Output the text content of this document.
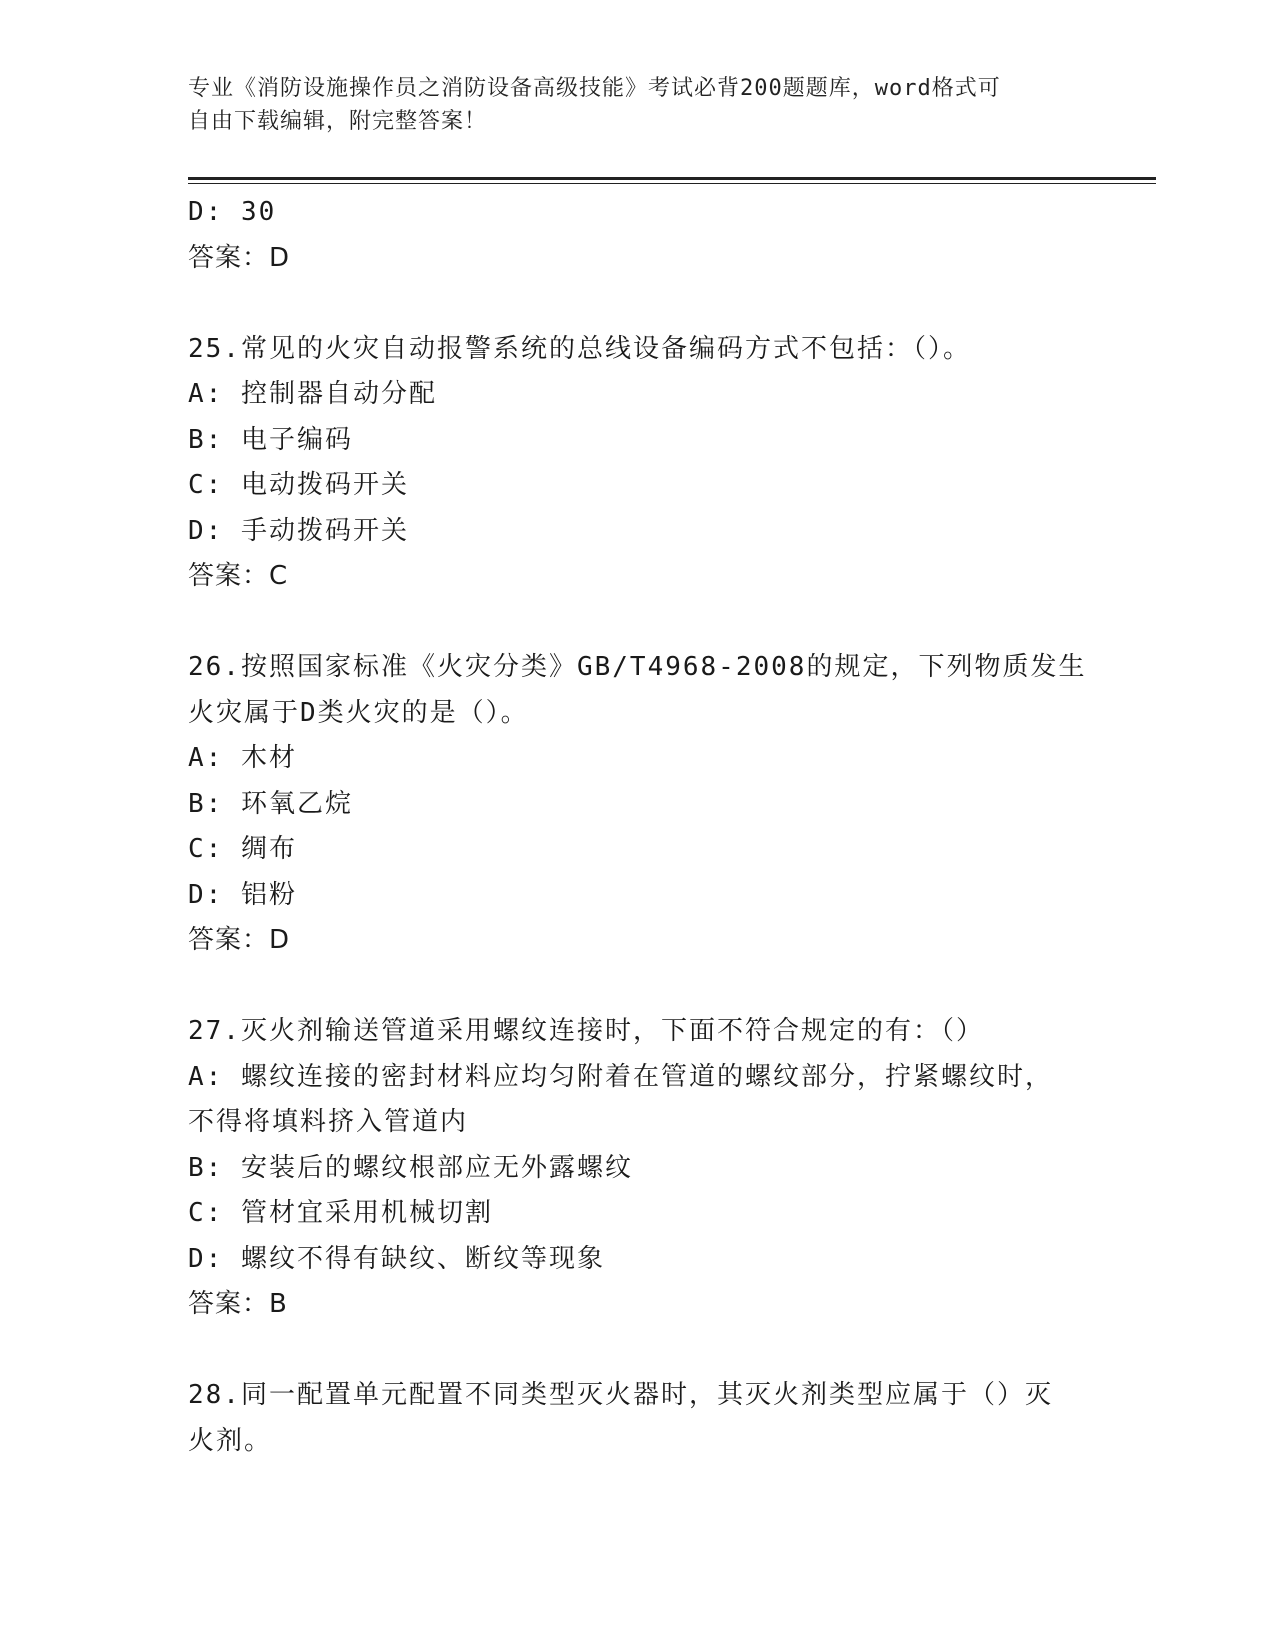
专业《消防设施操作员之消防设备高级技能》考试必背200题题库，word格式可
自由下载编辑，附完整答案！
D: 30
答案：D
25.常见的火灾自动报警系统的总线设备编码方式不包括：（）。
A: 控制器自动分配
B: 电子编码
C: 电动拨码开关
D: 手动拨码开关
答案：C
26.按照国家标准《火灾分类》GB/T4968-2008的规定，下列物质发生
火灾属于D类火灾的是（）。
A: 木材
B: 环氧乙烷
C: 绸布
D: 铝粉
答案：D
27.灭火剂输送管道采用螺纹连接时，下面不符合规定的有：（）
A: 螺纹连接的密封材料应均匀附着在管道的螺纹部分，拧紧螺纹时，
不得将填料挤入管道内
B: 安装后的螺纹根部应无外露螺纹
C: 管材宜采用机械切割
D: 螺纹不得有缺纹、断纹等现象
答案：B
28.同一配置单元配置不同类型灭火器时，其灭火剂类型应属于（）灭
火剂。
